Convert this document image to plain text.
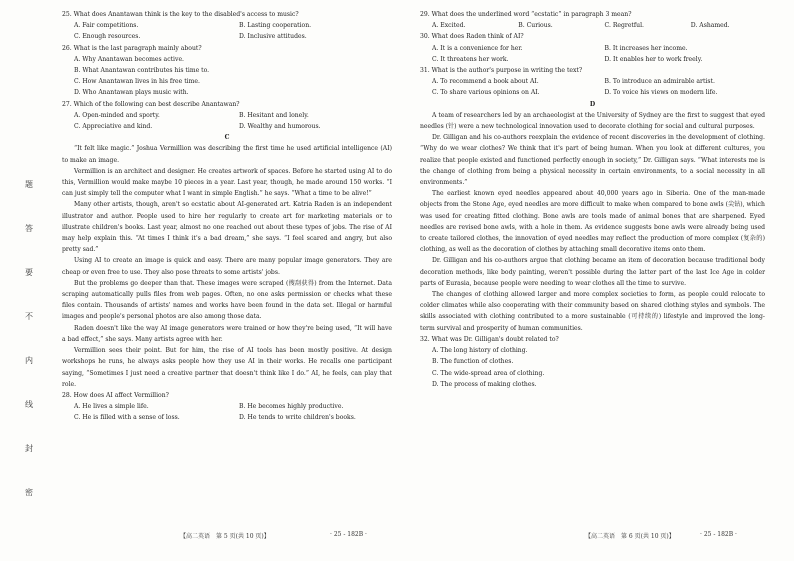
题
答
要
不
内
线
封
密

25. What does Anantawan think is the key to the disabled's access to music?

A. Fair competitions.	B. Lasting cooperation.
C. Enough resources.	D. Inclusive attitudes.

26. What is the last paragraph mainly about?

A. Why Anantawan becomes active.
B. What Anantawan contributes his time to.
C. How Anantawan lives in his free time.
D. Who Anantawan plays music with.

27. Which of the following can best describe Anantawan?

A. Open-minded and sporty.	B. Hesitant and lonely.
C. Appreciative and kind.	D. Wealthy and humorous.

C

“It felt like magic.” Joshua Vermillion was describing the first time he used artificial intelligence (AI) to make an image.

Vermillion is an architect and designer. He creates artwork of spaces. Before he started using AI to do this, Vermillion would make maybe 10 pieces in a year. Last year, though, he made around 150 works. “I can just simply tell the computer what I want in simple English.” he says. “What a time to be alive!”

Many other artists, though, aren't so ecstatic about AI-generated art. Katria Raden is an independent illustrator and author. People used to hire her regularly to create art for marketing materials or to illustrate children's books. Last year, almost no one reached out about these types of jobs. The rise of AI may help explain this. “At times I think it's a bad dream,” she says. “I feel scared and angry, but also pretty sad.”

Using AI to create an image is quick and easy. There are many popular image generators. They are cheap or even free to use. They also pose threats to some artists' jobs.

But the problems go deeper than that. These images were scraped (搜刮获得) from the Internet. Data scraping automatically pulls files from web pages. Often, no one asks permission or checks what these files contain. Thousands of artists' names and works have been found in the data set. Illegal or harmful images and people's personal photos are also among those data.

Raden doesn't like the way AI image generators were trained or how they're being used, “It will have a bad effect,” she says. Many artists agree with her.

Vermillion sees their point. But for him, the rise of AI tools has been mostly positive. At design workshops he runs, he always asks people how they use AI in their works. He recalls one participant saying, “Sometimes I just need a creative partner that doesn't think like I do.” AI, he feels, can play that role.

28. How does AI affect Vermillion?

A. He lives a simple life.	B. He becomes highly productive.
C. He is filled with a sense of loss.	D. He tends to write children's books.

29. What does the underlined word “ecstatic” in paragraph 3 mean?

A. Excited.	B. Curious.	C. Regretful.	D. Ashamed.

30. What does Raden think of AI?

A. It is a convenience for her.	B. It increases her income.
C. It threatens her work.	D. It enables her to work freely.

31. What is the author's purpose in writing the text?

A. To recommend a book about AI.	B. To introduce an admirable artist.
C. To share various opinions on AI.	D. To voice his views on modern life.

D

A team of researchers led by an archaeologist at the University of Sydney are the first to suggest that eyed needles (针) were a new technological innovation used to decorate clothing for social and cultural purposes.

Dr. Gilligan and his co-authors reexplain the evidence of recent discoveries in the development of clothing. “Why do we wear clothes? We think that it's part of being human. When you look at different cultures, you realize that people existed and functioned perfectly enough in society,” Dr. Gilligan says. “What interests me is the change of clothing from being a physical necessity in certain environments, to a social necessity in all environments.”

The earliest known eyed needles appeared about 40,000 years ago in Siberia. One of the man-made objects from the Stone Age, eyed needles are more difficult to make when compared to bone awls (尖钻), which was used for creating fitted clothing. Bone awls are tools made of animal bones that are sharpened. Eyed needles are revised bone awls, with a hole in them. As evidence suggests bone awls were already being used to create tailored clothes, the innovation of eyed needles may reflect the production of more complex (复杂的) clothing, as well as the decoration of clothes by attaching small decorative items onto them.

Dr. Gilligan and his co-authors argue that clothing became an item of decoration because traditional body decoration methods, like body painting, weren't possible during the latter part of the last Ice Age in colder parts of Eurasia, because people were needing to wear clothes all the time to survive.

The changes of clothing allowed larger and more complex societies to form, as people could relocate to colder climates while also cooperating with their community based on shared clothing styles and symbols. The skills associated with clothing contributed to a more sustainable (可持续的) lifestyle and improved the long-term survival and prosperity of human communities.

32. What was Dr. Gilligan's doubt related to?

A. The long history of clothing.
B. The function of clothes.
C. The wide-spread area of clothing.
D. The process of making clothes.
【高二英语　第 5 页(共 10 页)】	· 25 - 182B ·	【高二英语　第 6 页(共 10 页)】	· 25 - 182B ·
